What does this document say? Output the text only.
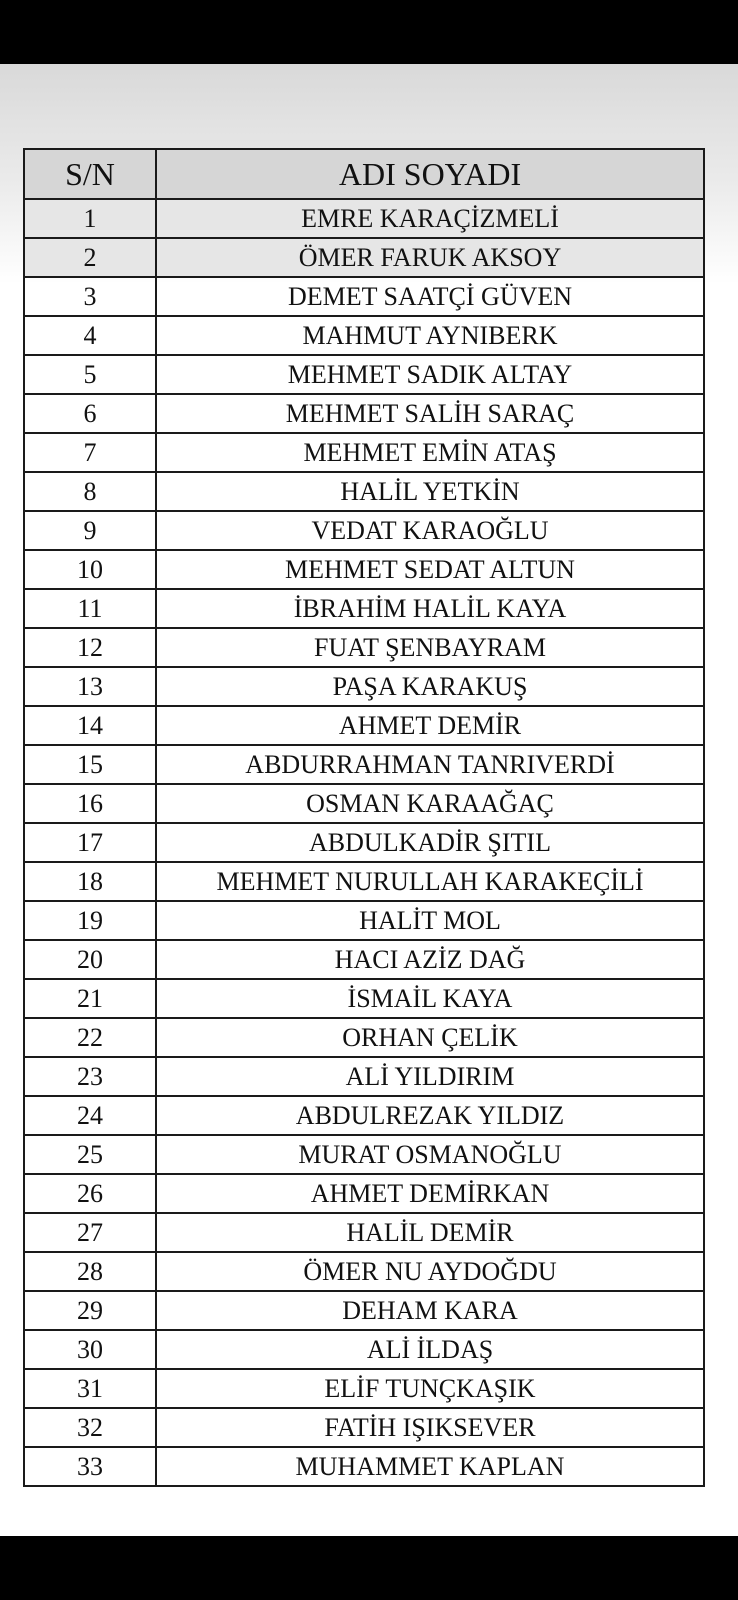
S/N	ADI SOYADI
1	EMRE KARAÇİZMELİ
2	ÖMER FARUK AKSOY
3	DEMET SAATÇİ GÜVEN
4	MAHMUT AYNIBERK
5	MEHMET SADIK ALTAY
6	MEHMET SALİH SARAÇ
7	MEHMET EMİN ATAŞ
8	HALİL YETKİN
9	VEDAT KARAOĞLU
10	MEHMET SEDAT ALTUN
11	İBRAHİM HALİL KAYA
12	FUAT ŞENBAYRAM
13	PAŞA KARAKUŞ
14	AHMET DEMİR
15	ABDURRAHMAN TANRIVERDİ
16	OSMAN KARAAĞAÇ
17	ABDULKADİR ŞITIL
18	MEHMET NURULLAH KARAKEÇİLİ
19	HALİT MOL
20	HACI AZİZ DAĞ
21	İSMAİL KAYA
22	ORHAN ÇELİK
23	ALİ YILDIRIM
24	ABDULREZAK YILDIZ
25	MURAT OSMANOĞLU
26	AHMET DEMİRKAN
27	HALİL DEMİR
28	ÖMER NU AYDOĞDU
29	DEHAM KARA
30	ALİ İLDAŞ
31	ELİF TUNÇKAŞIK
32	FATİH IŞIKSEVER
33	MUHAMMET KAPLAN
